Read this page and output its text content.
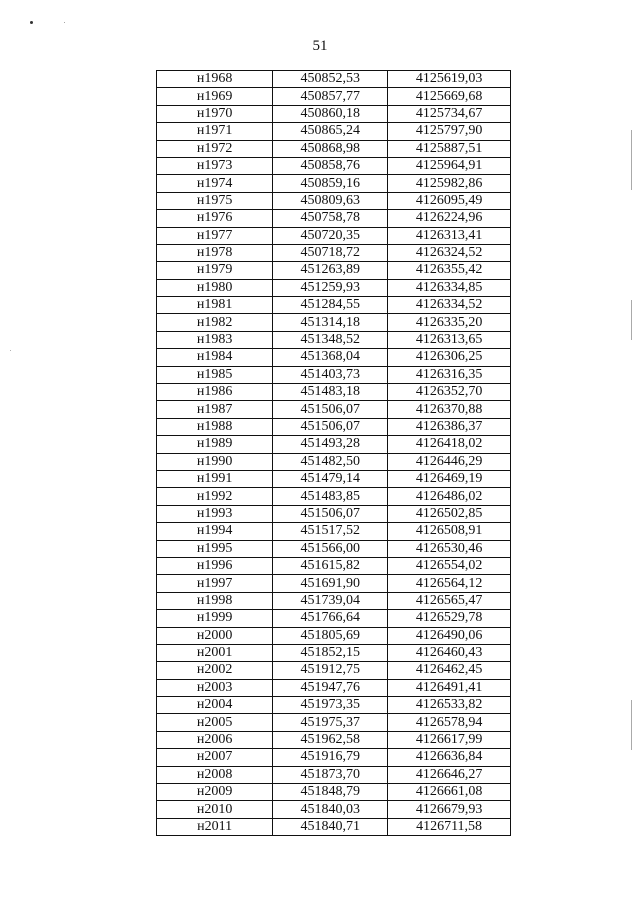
51
н1968	450852,53	4125619,03
н1969	450857,77	4125669,68
н1970	450860,18	4125734,67
н1971	450865,24	4125797,90
н1972	450868,98	4125887,51
н1973	450858,76	4125964,91
н1974	450859,16	4125982,86
н1975	450809,63	4126095,49
н1976	450758,78	4126224,96
н1977	450720,35	4126313,41
н1978	450718,72	4126324,52
н1979	451263,89	4126355,42
н1980	451259,93	4126334,85
н1981	451284,55	4126334,52
н1982	451314,18	4126335,20
н1983	451348,52	4126313,65
н1984	451368,04	4126306,25
н1985	451403,73	4126316,35
н1986	451483,18	4126352,70
н1987	451506,07	4126370,88
н1988	451506,07	4126386,37
н1989	451493,28	4126418,02
н1990	451482,50	4126446,29
н1991	451479,14	4126469,19
н1992	451483,85	4126486,02
н1993	451506,07	4126502,85
н1994	451517,52	4126508,91
н1995	451566,00	4126530,46
н1996	451615,82	4126554,02
н1997	451691,90	4126564,12
н1998	451739,04	4126565,47
н1999	451766,64	4126529,78
н2000	451805,69	4126490,06
н2001	451852,15	4126460,43
н2002	451912,75	4126462,45
н2003	451947,76	4126491,41
н2004	451973,35	4126533,82
н2005	451975,37	4126578,94
н2006	451962,58	4126617,99
н2007	451916,79	4126636,84
н2008	451873,70	4126646,27
н2009	451848,79	4126661,08
н2010	451840,03	4126679,93
н2011	451840,71	4126711,58
